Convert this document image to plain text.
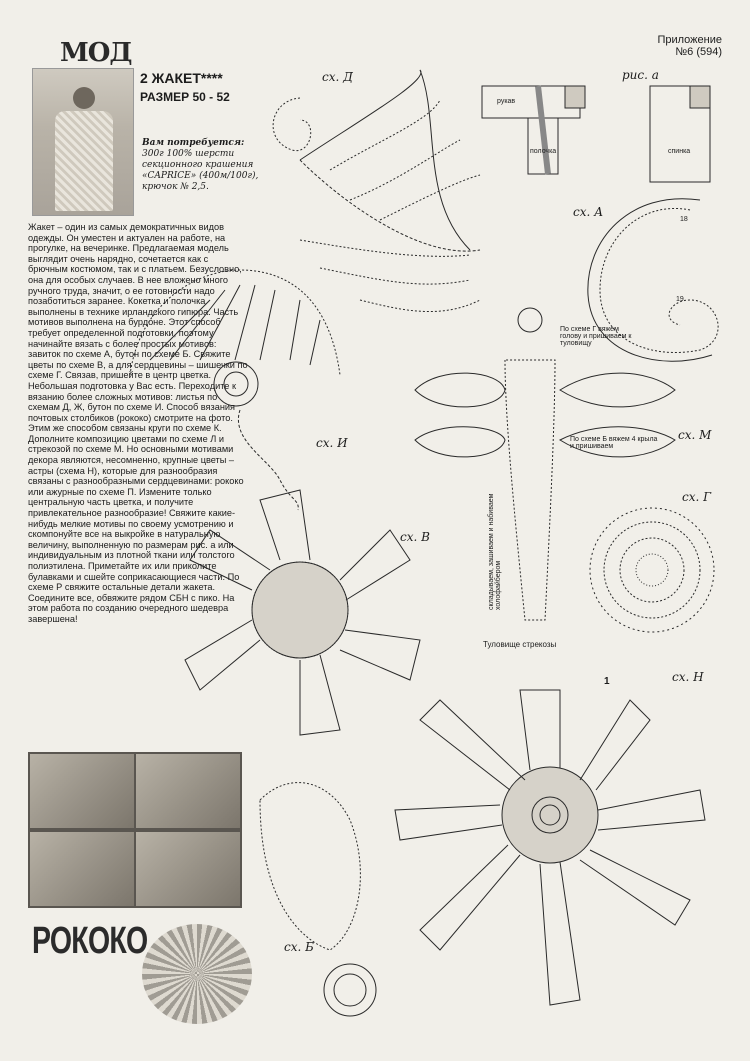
МОД	Приложение
№6 (594)
2 ЖАКЕТ****
РАЗМЕР 50 - 52
Вам потребуется:
300г 100% шерсти секционного крашения «CAPRICE» (400м/100г), крючок № 2,5.
Жакет – один из самых демократичных видов одежды. Он уместен и актуален на работе, на прогулке, на вечеринке. Предлагаемая модель выглядит очень нарядно, сочетается как с брючным костюмом, так и с платьем. Безусловно, она для особых случаев. В нее вложено много ручного труда, значит, о ее готовности надо позаботиться заранее. Кокетка и полочка выполнены в технике ирландского гипюра. Часть мотивов выполнена на бурдоне. Этот способ требует определенной подготовки, поэтому начинайте вязать с более простых мотивов: завиток по схеме А, бутон по схеме Б. Свяжите цветы по схеме В, а для сердцевины – шишечки по схеме Г. Связав, пришейте в центр цветка. Небольшая подготовка у Вас есть. Переходите к вязанию более сложных мотивов: листья по схемам Д, Ж, бутон по схеме И. Способ вязания почтовых столбиков (рококо) смотрите на фото. Этим же способом связаны круги по схеме К. Дополните композицию цветами по схеме Л и стрекозой по схеме М. Но основными мотивами декора являются, несомненно, крупные цветы – астры (схема Н), которые для разнообразия связаны с разнообразными сердцевинами: рококо или ажурные по схеме П. Измените только центральную часть цветка, и получите привлекательное разнообразие! Свяжите какие-нибудь мелкие мотивы по своему усмотрению и скомпонуйте все на выкройке в натуральную величину, выполненную по размерам рис. а или индивидуальным из плотной ткани или толстого полиэтилена. Приметайте их или приколите булавками и сшейте соприкасающиеся части. По схеме Р свяжите остальные детали жакета. Соедините все, обвяжите рядом СБН с пико. На этом работа по созданию очередного шедевра завершена!
РОКОКО
сх. Д
сх. А
сх. И
сх. В
сх. М
сх. Г
сх. Н
сх. Б
рис. а
По схеме Г вяжем голову и пришиваем к туловищу
По схеме Б вяжем 4 крыла и пришиваем
складываем, зашиваем и набиваем холофайбером
Туловище стрекозы
рукав
полочка	спинка
1
18
19
